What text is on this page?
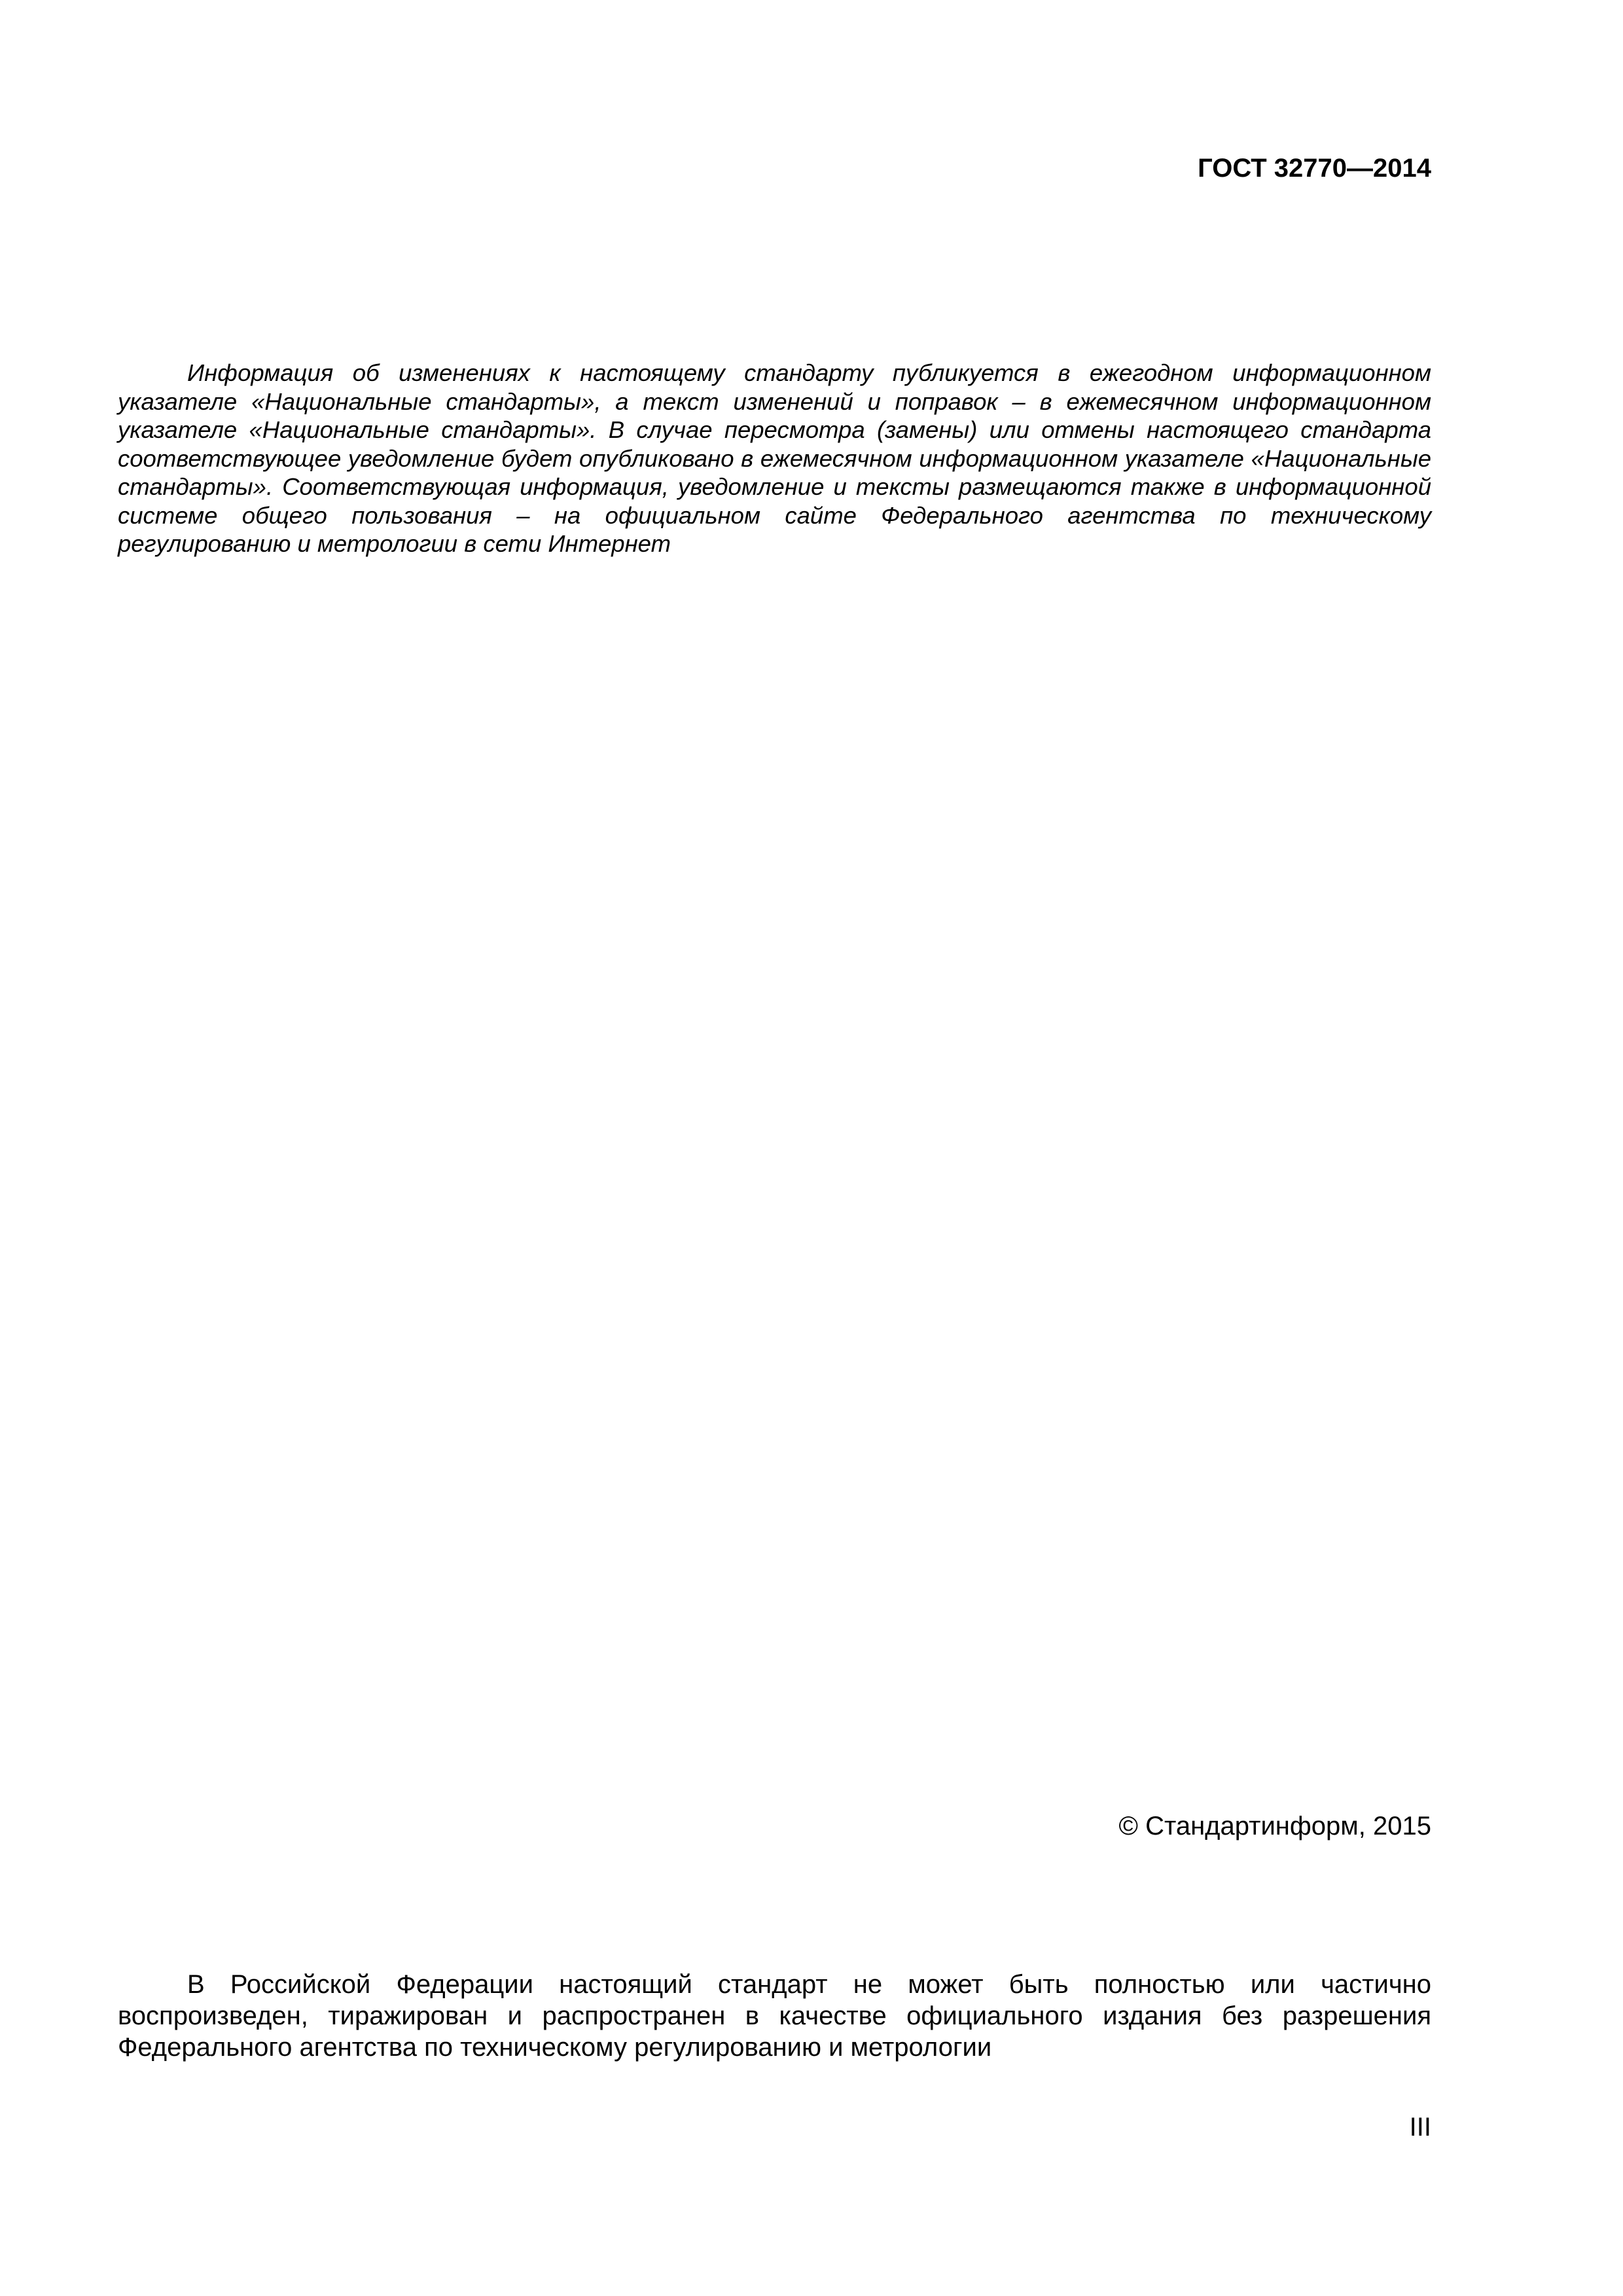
ГОСТ 32770—2014

Информация об изменениях к настоящему стандарту публикуется в ежегодном информационном указателе «Национальные стандарты», а текст изменений и поправок – в ежемесячном информационном указателе «Национальные стандарты». В случае пересмотра (замены) или отмены настоящего стандарта соответствующее уведомление будет опубликовано в ежемесячном информационном указателе «Национальные стандарты». Соответствующая информация, уведомление и тексты размещаются также в информационной системе общего пользования – на официальном сайте Федерального агентства по техническому регулированию и метрологии в сети Интернет

© Стандартинформ, 2015

В Российской Федерации настоящий стандарт не может быть полностью или частично воспроизведен, тиражирован и распространен в качестве официального издания без разрешения Федерального агентства по техническому регулированию и метрологии

III
